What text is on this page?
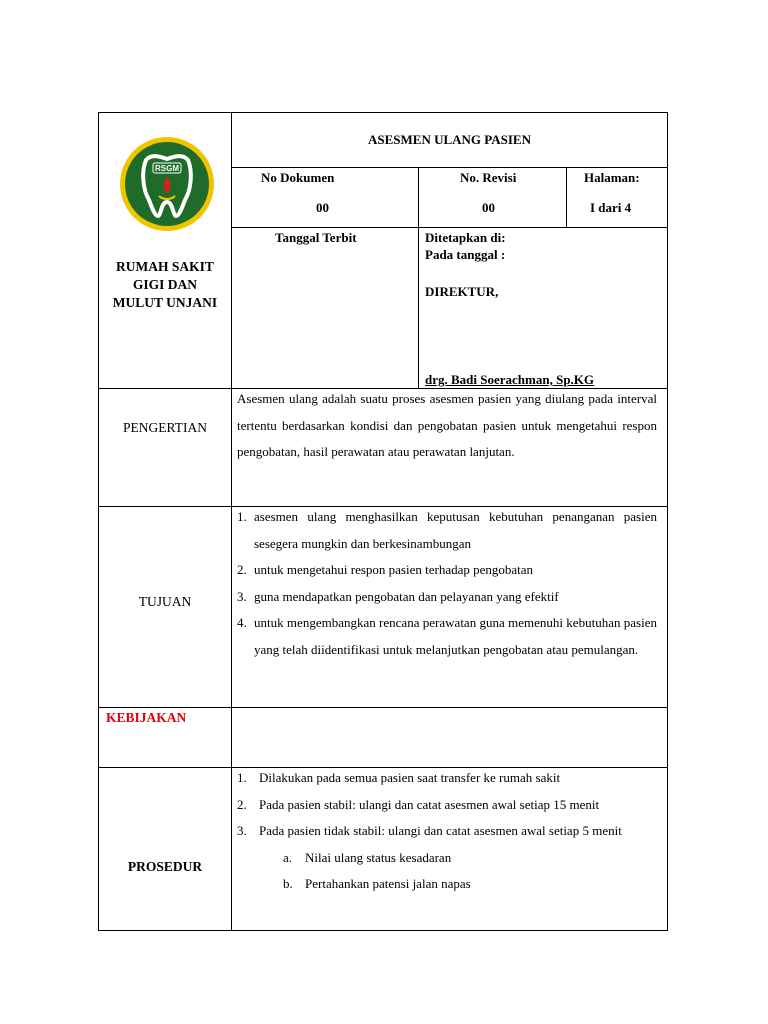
RSGM
RUMAH SAKIT
GIGI DAN
MULUT UNJANI
ASESMEN ULANG PASIEN
No Dokumen
00
No. Revisi
00
Halaman:
I dari 4
Tanggal Terbit	Ditetapkan di:
Pada tanggal :
DIREKTUR,
drg. Badi Soerachman, Sp.KG
PENGERTIAN
Asesmen ulang adalah suatu proses asesmen pasien yang diulang pada interval tertentu berdasarkan kondisi dan pengobatan pasien untuk mengetahui respon pengobatan, hasil perawatan atau perawatan lanjutan.
TUJUAN
1. asesmen ulang menghasilkan keputusan kebutuhan penanganan pasien sesegera mungkin dan berkesinambungan
2. untuk mengetahui respon pasien terhadap pengobatan
3. guna mendapatkan pengobatan dan pelayanan yang efektif
4. untuk mengembangkan rencana perawatan guna memenuhi kebutuhan pasien yang telah diidentifikasi untuk melanjutkan pengobatan atau pemulangan.
KEBIJAKAN
PROSEDUR
1. Dilakukan pada semua pasien saat transfer ke rumah sakit
2. Pada pasien stabil: ulangi dan catat asesmen awal setiap 15 menit
3. Pada pasien tidak stabil: ulangi dan catat asesmen awal setiap 5 menit
a. Nilai ulang status kesadaran
b. Pertahankan patensi jalan napas
